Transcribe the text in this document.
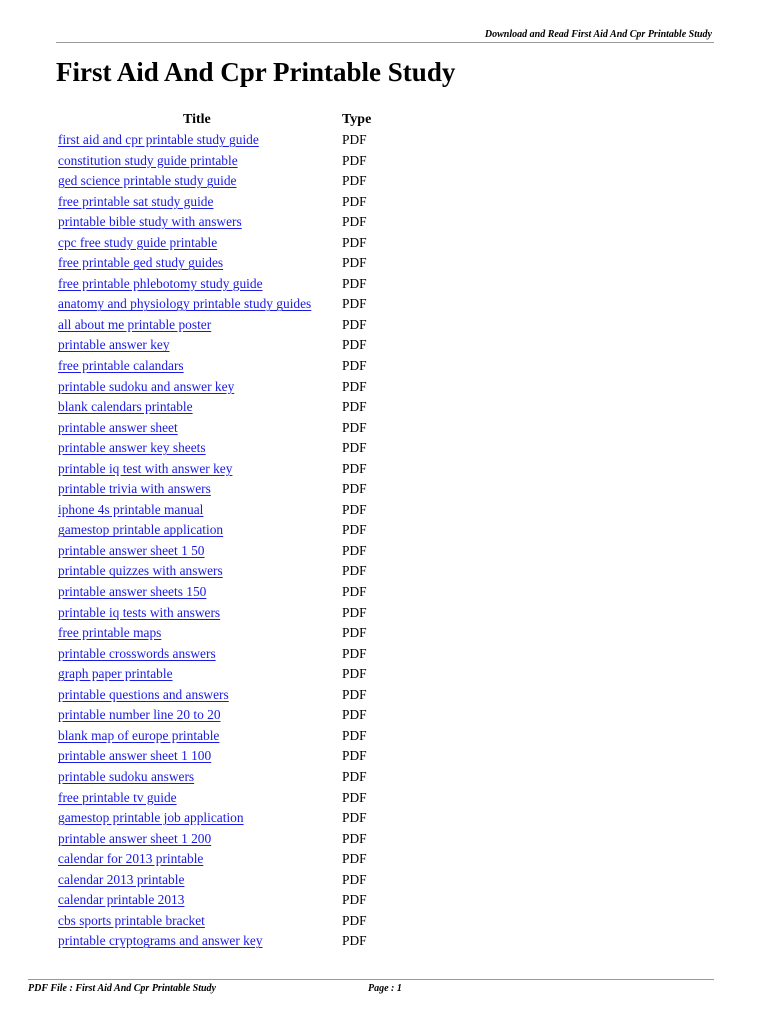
Download and Read First Aid And Cpr Printable Study
First Aid And Cpr Printable Study
Title	Type
first aid and cpr printable study guide	PDF
constitution study guide printable	PDF
ged science printable study guide	PDF
free printable sat study guide	PDF
printable bible study with answers	PDF
cpc free study guide printable	PDF
free printable ged study guides	PDF
free printable phlebotomy study guide	PDF
anatomy and physiology printable study guides PDF
all about me printable poster	PDF
printable answer key	PDF
free printable calandars	PDF
printable sudoku and answer key	PDF
blank calendars printable	PDF
printable answer sheet	PDF
printable answer key sheets	PDF
printable iq test with answer key	PDF
printable trivia with answers	PDF
iphone 4s printable manual	PDF
gamestop printable application	PDF
printable answer sheet 1 50	PDF
printable quizzes with answers	PDF
printable answer sheets 150	PDF
printable iq tests with answers	PDF
free printable maps	PDF
printable crosswords answers	PDF
graph paper printable	PDF
printable questions and answers	PDF
printable number line 20 to 20	PDF
blank map of europe printable	PDF
printable answer sheet 1 100	PDF
printable sudoku answers	PDF
free printable tv guide	PDF
gamestop printable job application	PDF
printable answer sheet 1 200	PDF
calendar for 2013 printable	PDF
calendar 2013 printable	PDF
calendar printable 2013	PDF
cbs sports printable bracket	PDF
printable cryptograms and answer key	PDF
PDF File : First Aid And Cpr Printable Study	Page : 1
